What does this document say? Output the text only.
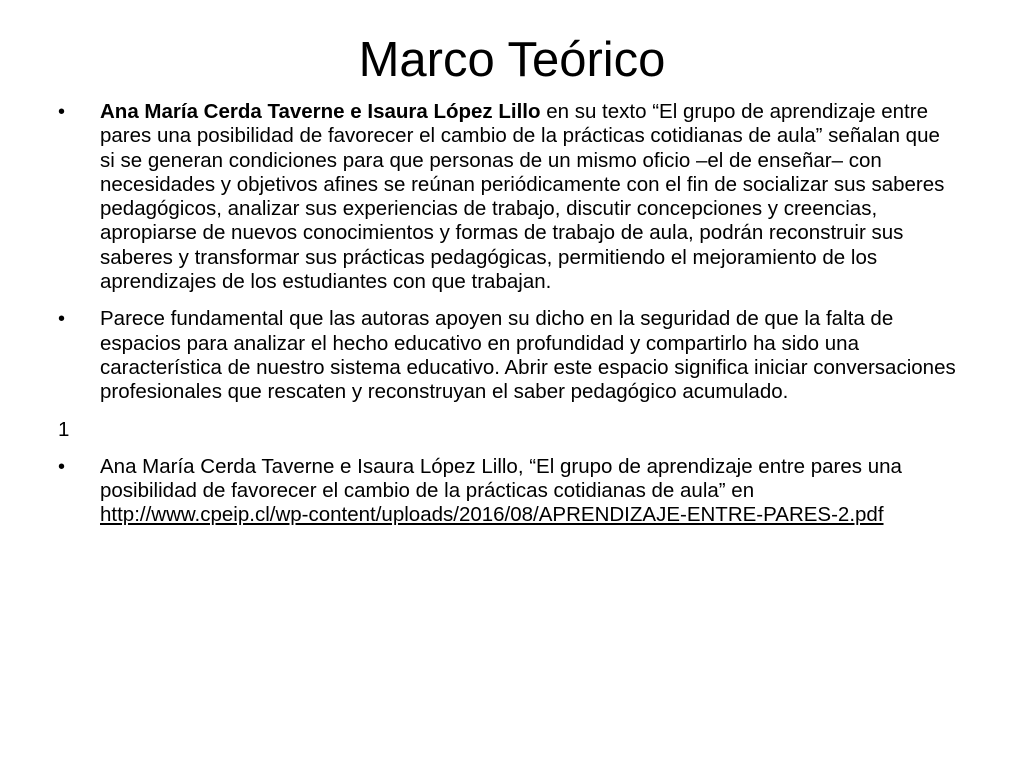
Marco Teórico
•	Ana María Cerda Taverne e Isaura López Lillo en su texto “El grupo de aprendizaje entre pares una posibilidad de favorecer el cambio de la prácticas cotidianas de aula” señalan que si se generan condiciones para que personas de un mismo oficio –el de enseñar– con necesidades y objetivos afines se reúnan periódicamente con el fin de socializar sus saberes pedagógicos, analizar sus experiencias de trabajo, discutir concepciones y creencias, apropiarse de nuevos conocimientos y formas de trabajo de aula, podrán reconstruir sus saberes y transformar sus prácticas pedagógicas, permitiendo el mejoramiento de los aprendizajes de los estudiantes con que trabajan.
•	Parece fundamental que las autoras apoyen su dicho en la seguridad de que la falta de espacios para analizar el hecho educativo en profundidad y compartirlo ha sido una característica de nuestro sistema educativo. Abrir este espacio significa iniciar conversaciones profesionales que rescaten y reconstruyan el saber pedagógico acumulado.
1
•	Ana María Cerda Taverne e Isaura López Lillo, “El grupo de aprendizaje entre pares una posibilidad de favorecer el cambio de la prácticas cotidianas de aula” en http://www.cpeip.cl/wp-content/uploads/2016/08/APRENDIZAJE-ENTRE-PARES-2.pdf
